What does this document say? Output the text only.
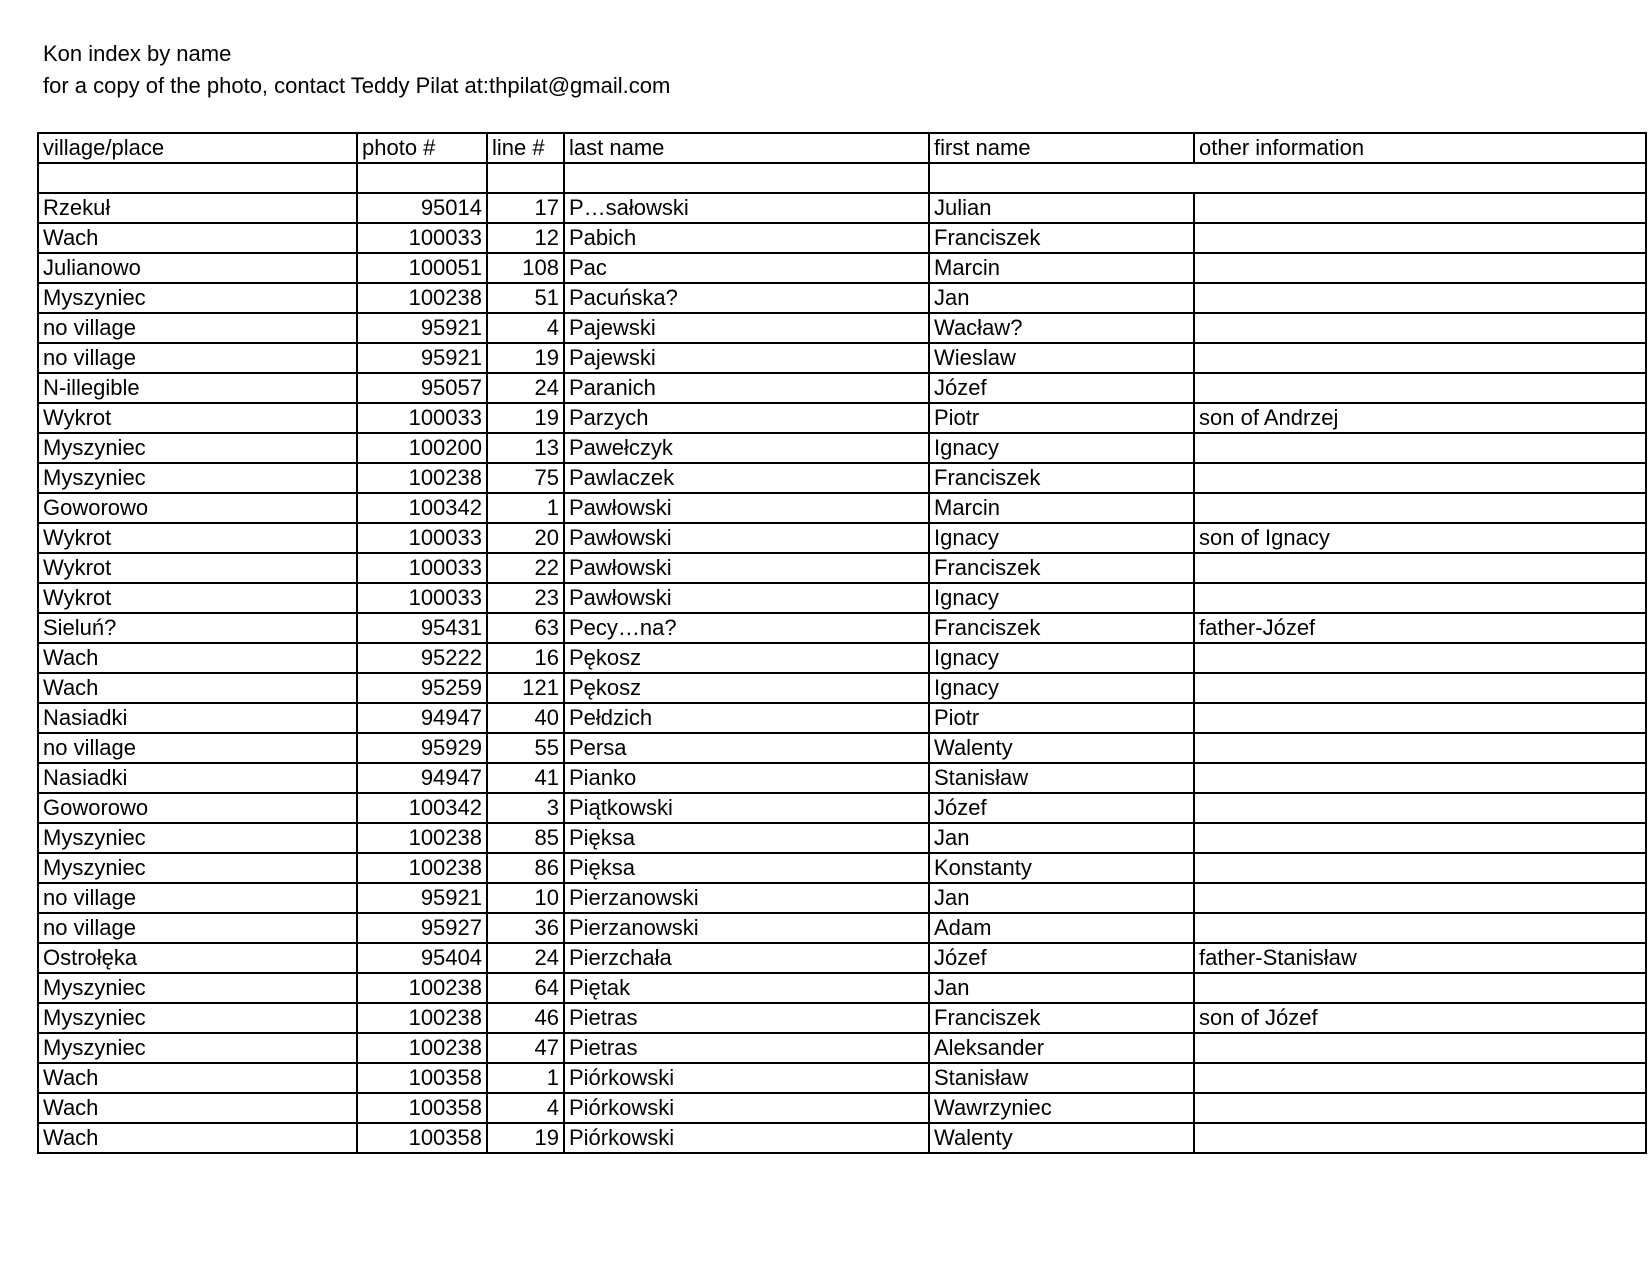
Kon index by name
for a copy of the photo, contact Teddy Pilat at:thpilat@gmail.com
village/place	photo #	line #	last name	first name	other information

Rzekuł	95014	17	P…sałowski	Julian	
Wach	100033	12	Pabich	Franciszek	
Julianowo	100051	108	Pac	Marcin	
Myszyniec	100238	51	Pacuńska?	Jan	
no village	95921	4	Pajewski	Wacław?	
no village	95921	19	Pajewski	Wieslaw	
N-illegible	95057	24	Paranich	Józef	
Wykrot	100033	19	Parzych	Piotr	son of Andrzej
Myszyniec	100200	13	Pawełczyk	Ignacy	
Myszyniec	100238	75	Pawlaczek	Franciszek	
Goworowo	100342	1	Pawłowski	Marcin	
Wykrot	100033	20	Pawłowski	Ignacy	son of Ignacy
Wykrot	100033	22	Pawłowski	Franciszek	
Wykrot	100033	23	Pawłowski	Ignacy	
Sieluń?	95431	63	Pecy…na?	Franciszek	father-Józef
Wach	95222	16	Pękosz	Ignacy	
Wach	95259	121	Pękosz	Ignacy	
Nasiadki	94947	40	Pełdzich	Piotr	
no village	95929	55	Persa	Walenty	
Nasiadki	94947	41	Pianko	Stanisław	
Goworowo	100342	3	Piątkowski	Józef	
Myszyniec	100238	85	Pięksa	Jan	
Myszyniec	100238	86	Pięksa	Konstanty	
no village	95921	10	Pierzanowski	Jan	
no village	95927	36	Pierzanowski	Adam	
Ostrołęka	95404	24	Pierzchała	Józef	father-Stanisław
Myszyniec	100238	64	Piętak	Jan	
Myszyniec	100238	46	Pietras	Franciszek	son of Józef
Myszyniec	100238	47	Pietras	Aleksander	
Wach	100358	1	Piórkowski	Stanisław	
Wach	100358	4	Piórkowski	Wawrzyniec	
Wach	100358	19	Piórkowski	Walenty	
